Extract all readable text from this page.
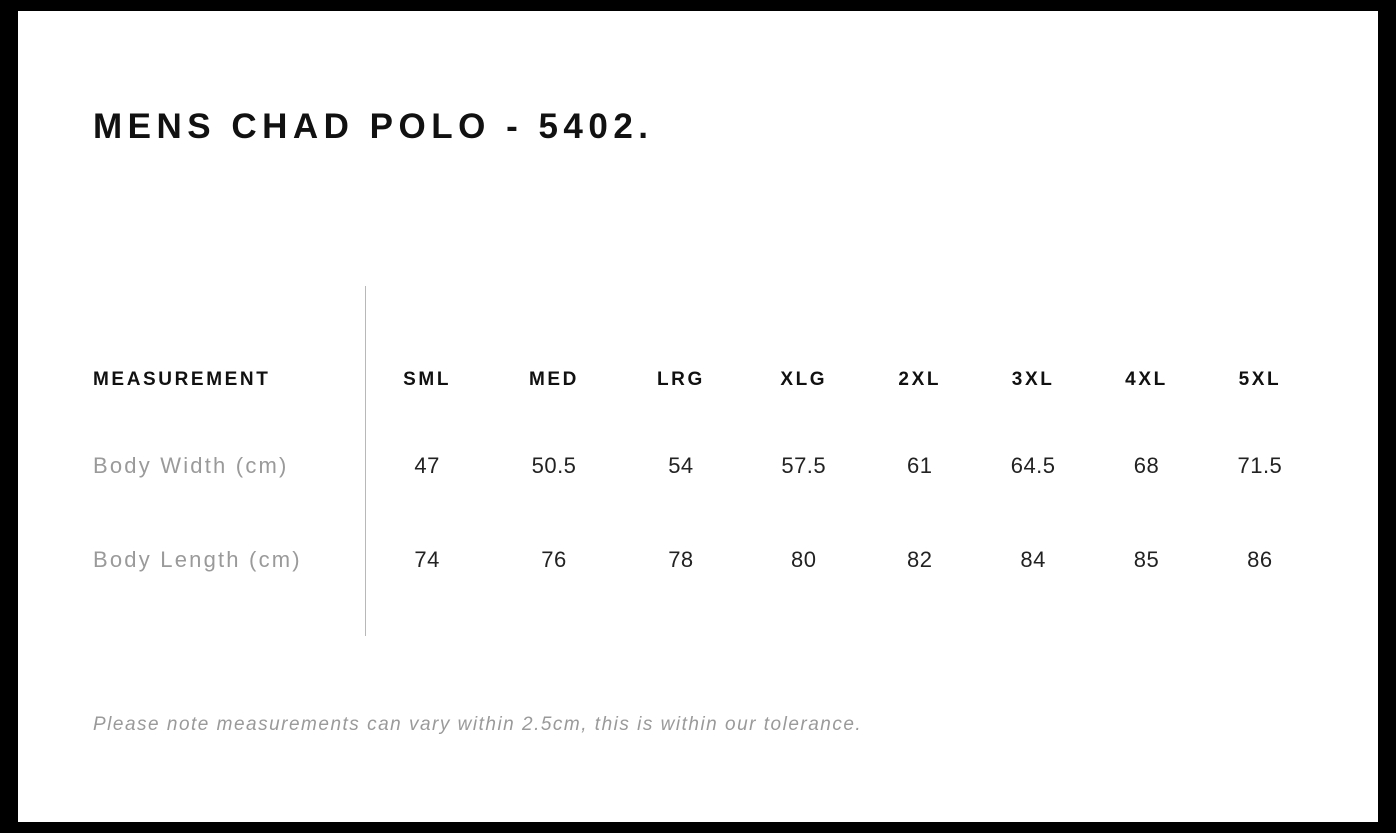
MENS CHAD POLO - 5402.
MEASUREMENT	SML	MED	LRG	XLG	2XL	3XL	4XL	5XL
Body Width (cm)	47	50.5	54	57.5	61	64.5	68	71.5
Body Length (cm)	74	76	78	80	82	84	85	86
Please note measurements can vary within 2.5cm, this is within our tolerance.
